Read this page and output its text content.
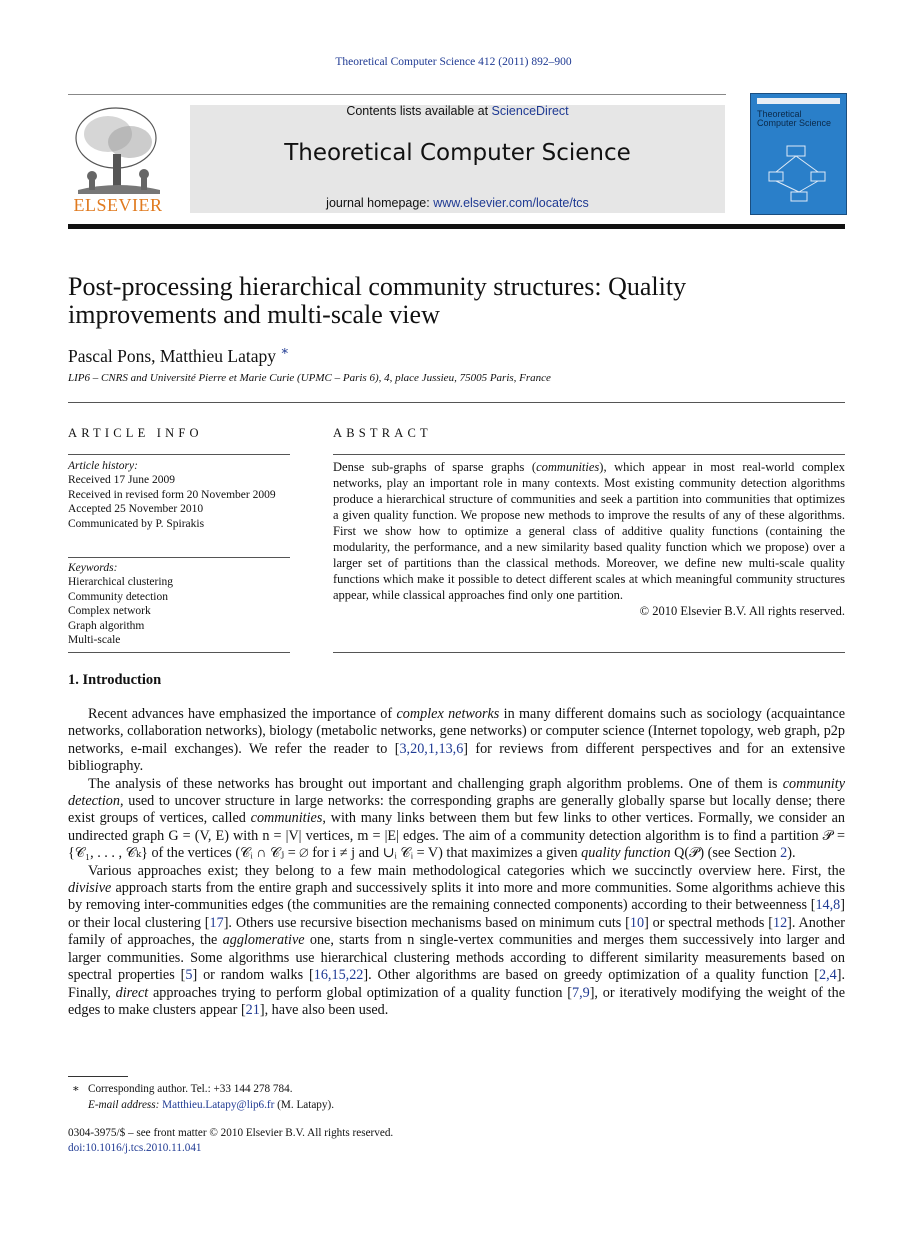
Theoretical Computer Science 412 (2011) 892–900
Contents lists available at ScienceDirect
Theoretical Computer Science
journal homepage: www.elsevier.com/locate/tcs
ELSEVIER
Theoretical Computer Science
Post-processing hierarchical community structures: Quality improvements and multi-scale view
Pascal Pons, Matthieu Latapy ∗
LIP6 – CNRS and Université Pierre et Marie Curie (UPMC – Paris 6), 4, place Jussieu, 75005 Paris, France
ARTICLE INFO
Article history:
Received 17 June 2009
Received in revised form 20 November 2009
Accepted 25 November 2010
Communicated by P. Spirakis
Keywords:
Hierarchical clustering
Community detection
Complex network
Graph algorithm
Multi-scale
ABSTRACT
Dense sub-graphs of sparse graphs (communities), which appear in most real-world complex networks, play an important role in many contexts. Most existing community detection algorithms produce a hierarchical structure of communities and seek a partition into communities that optimizes a given quality function. We propose new methods to improve the results of any of these algorithms. First we show how to optimize a general class of additive quality functions (containing the modularity, the performance, and a new similarity based quality function which we propose) over a larger set of partitions than the classical methods. Moreover, we define new multi-scale quality functions which make it possible to detect different scales at which meaningful community structures appear, while classical approaches find only one partition.
© 2010 Elsevier B.V. All rights reserved.
1. Introduction

Recent advances have emphasized the importance of complex networks in many different domains such as sociology (acquaintance networks, collaboration networks), biology (metabolic networks, gene networks) or computer science (Internet topology, web graph, p2p networks, e-mail exchanges). We refer the reader to [3,20,1,13,6] for reviews from different perspectives and for an extensive bibliography.

The analysis of these networks has brought out important and challenging graph algorithm problems. One of them is community detection, used to uncover structure in large networks: the corresponding graphs are generally globally sparse but locally dense; there exist groups of vertices, called communities, with many links between them but few links to other vertices. Formally, we consider an undirected graph G = (V, E) with n = |V| vertices, m = |E| edges. The aim of a community detection algorithm is to find a partition 𝒫 = {𝒞₁, . . . , 𝒞ₖ} of the vertices (𝒞ᵢ ∩ 𝒞ⱼ = ∅ for i ≠ j and ∪ᵢ 𝒞ᵢ = V) that maximizes a given quality function Q(𝒫) (see Section 2).

Various approaches exist; they belong to a few main methodological categories which we succinctly overview here. First, the divisive approach starts from the entire graph and successively splits it into more and more communities. Some algorithms achieve this by removing inter-communities edges (the communities are the remaining connected components) according to their betweenness [14,8] or their local clustering [17]. Others use recursive bisection mechanisms based on minimum cuts [10] or spectral methods [12]. Another family of approaches, the agglomerative one, starts from n single-vertex communities and merges them successively into larger and larger communities. Some algorithms use hierarchical clustering methods according to different similarity measurements based on spectral properties [5] or random walks [16,15,22]. Other algorithms are based on greedy optimization of a quality function [2,4]. Finally, direct approaches trying to perform global optimization of a quality function [7,9], or iteratively modifying the weight of the edges to make clusters appear [21], have also been used.

∗ Corresponding author. Tel.: +33 144 278 784.
E-mail address: Matthieu.Latapy@lip6.fr (M. Latapy).
0304-3975/$ – see front matter © 2010 Elsevier B.V. All rights reserved.
doi:10.1016/j.tcs.2010.11.041
